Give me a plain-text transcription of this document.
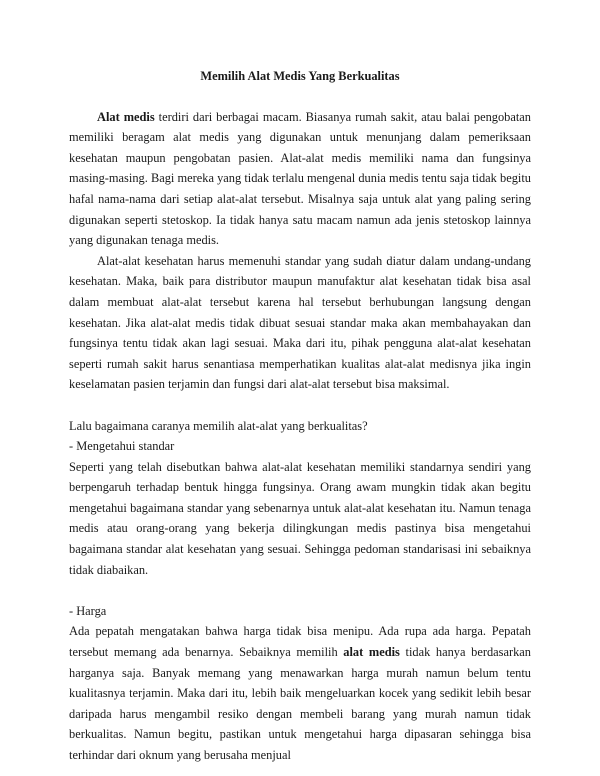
Memilih Alat Medis Yang Berkualitas

Alat medis terdiri dari berbagai macam. Biasanya rumah sakit, atau balai pengobatan memiliki beragam alat medis yang digunakan untuk menunjang dalam pemeriksaan kesehatan maupun pengobatan pasien. Alat-alat medis memiliki nama dan fungsinya masing-masing. Bagi mereka yang tidak terlalu mengenal dunia medis tentu saja tidak begitu hafal nama-nama dari setiap alat-alat tersebut. Misalnya saja untuk alat yang paling sering digunakan seperti stetoskop. Ia tidak hanya satu macam namun ada jenis stetoskop lainnya yang digunakan tenaga medis.

Alat-alat kesehatan harus memenuhi standar yang sudah diatur dalam undang-undang kesehatan. Maka, baik para distributor maupun manufaktur alat kesehatan tidak bisa asal dalam membuat alat-alat tersebut karena hal tersebut berhubungan langsung dengan kesehatan. Jika alat-alat medis tidak dibuat sesuai standar maka akan membahayakan dan fungsinya tentu tidak akan lagi sesuai. Maka dari itu, pihak pengguna alat-alat kesehatan seperti rumah sakit harus senantiasa memperhatikan kualitas alat-alat medisnya jika ingin keselamatan pasien terjamin dan fungsi dari alat-alat tersebut bisa maksimal.

Lalu bagaimana caranya memilih alat-alat yang berkualitas?

- Mengetahui standar

Seperti yang telah disebutkan bahwa alat-alat kesehatan memiliki standarnya sendiri yang berpengaruh terhadap bentuk hingga fungsinya. Orang awam mungkin tidak akan begitu mengetahui bagaimana standar yang sebenarnya untuk alat-alat kesehatan itu. Namun tenaga medis atau orang-orang yang bekerja dilingkungan medis pastinya bisa mengetahui bagaimana standar alat kesehatan yang sesuai. Sehingga pedoman standarisasi ini sebaiknya tidak diabaikan.

- Harga

Ada pepatah mengatakan bahwa harga tidak bisa menipu. Ada rupa ada harga. Pepatah tersebut memang ada benarnya. Sebaiknya memilih alat medis tidak hanya berdasarkan harganya saja. Banyak memang yang menawarkan harga murah namun belum tentu kualitasnya terjamin. Maka dari itu, lebih baik mengeluarkan kocek yang sedikit lebih besar daripada harus mengambil resiko dengan membeli barang yang murah namun tidak berkualitas. Namun begitu, pastikan untuk mengetahui harga dipasaran sehingga bisa terhindar dari oknum yang berusaha menjual
